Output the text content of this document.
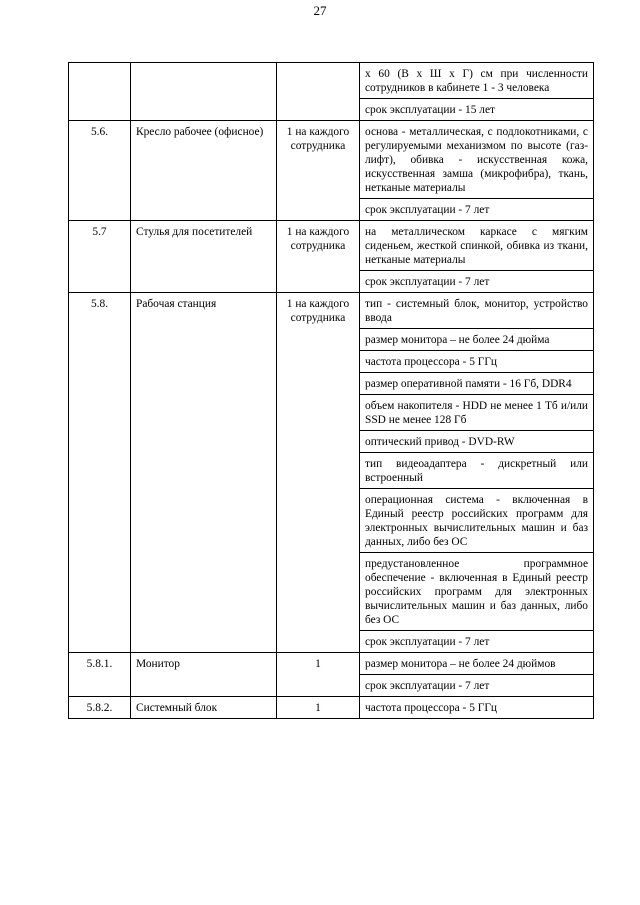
27
			х 60 (В х Ш х Г) см при численности сотрудников в кабинете 1 - 3 человека
			срок эксплуатации - 15 лет
5.6.	Кресло рабочее (офисное)	1 на каждого сотрудника	основа - металлическая, с подлокотниками, с регулируемыми механизмом по высоте (газ-лифт), обивка - искусственная кожа, искусственная замша (микрофибра), ткань, нетканые материалы
			срок эксплуатации - 7 лет
5.7	Стулья для посетителей	1 на каждого сотрудника	на металлическом каркасе с мягким сиденьем, жесткой спинкой, обивка из ткани, нетканые материалы
			срок эксплуатации - 7 лет
5.8.	Рабочая станция	1 на каждого сотрудника	тип - системный блок, монитор, устройство ввода
			размер монитора – не более 24 дюйма
			частота процессора - 5 ГГц
			размер оперативной памяти - 16 Гб, DDR4
			объем накопителя - HDD не менее 1 Тб и/или SSD не менее 128 Гб
			оптический привод - DVD-RW
			тип видеоадаптера - дискретный или встроенный
			операционная система - включенная в Единый реестр российских программ для электронных вычислительных машин и баз данных, либо без ОС
			предустановленное программное обеспечение - включенная в Единый реестр российских программ для электронных вычислительных машин и баз данных, либо без ОС
			срок эксплуатации - 7 лет
5.8.1.	Монитор	1	размер монитора – не более 24 дюймов
			срок эксплуатации - 7 лет
5.8.2.	Системный блок	1	частота процессора - 5 ГГц
